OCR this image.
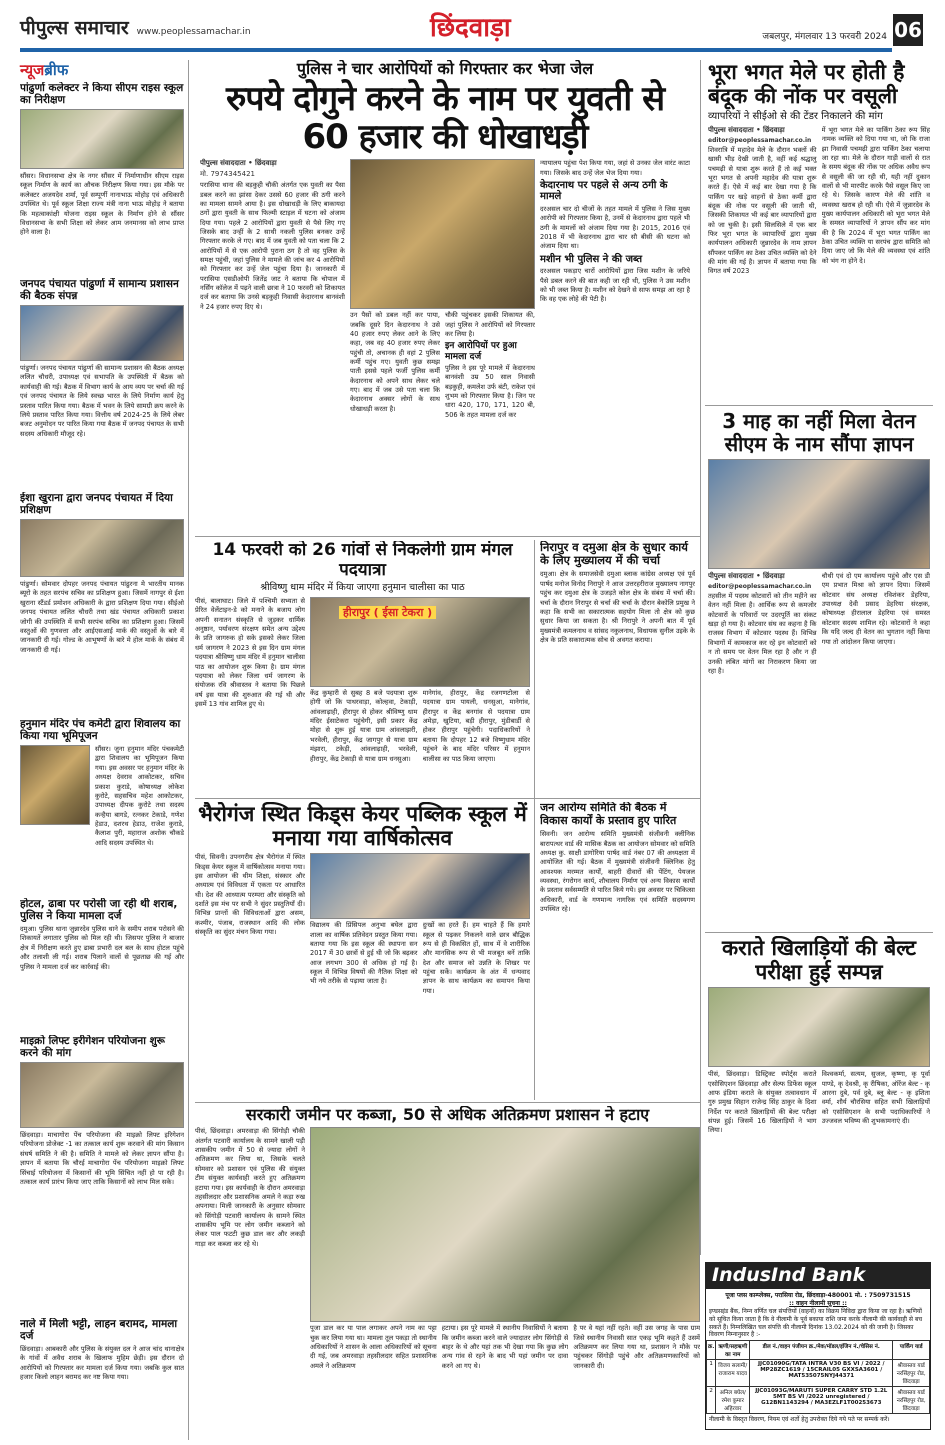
पीपुल्स समाचार www.peoplessamachar.in	छिंदवाड़ा	जबलपुर, मंगलवार 13 फरवरी 2024 06
न्यूजब्रीफ
पांढुर्णा कलेक्टर ने किया सीएम राइस स्कूल का निरीक्षण
सौंसर। विधानसभा क्षेत्र के नगर सौंसर में निर्माणाधीन सीएम राइस स्कूल निर्माण के कार्य का औचक निरीक्षण किया गया। इस मौके पर कलेक्टर अजयदेव शर्मा, पूर्व सम्पूर्णी नानाभाऊ मोहोड़ एवं अधिकारी उपस्थित थे। पूर्व स्कूल शिक्षा राज्य मंत्री नाना भाऊ मोहोड़ ने बताया कि महत्वाकांक्षी योजना राइस स्कूल के निर्माण होने से सौंसर विधानसभा के सभी शिक्षा को लेकर आम जनमानस को लाभ प्राप्त होने वाला है।
जनपद पंचायत पांढुर्णा में सामान्य प्रशासन की बैठक संपन्न
पांढुर्णा। जनपद पंचायत पांढुर्णा की सामान्य प्रशासन की बैठक अध्यक्ष ललित चौधरी, उपाध्यक्ष एवं सभापति के उपस्थिती में बैठक को कार्यवाही की गई। बैठक में विभाग कार्य के आय व्यय पर चर्चा की गई एवं जनपद पंचायत के लिये स्वच्छ भारत के लिये निर्माण कार्य हेतु प्रस्ताव पारित किया गया। बैठक में भवन के लिये सामग्री क्रय करने के लिये प्रस्ताव पारित किया गया। वित्तीय वर्ष 2024-25 के लिये लेबर बजट अनुमोदन पर पारित किया गया बैठक में जनपद पंचायत के सभी सदस्य अधिकारी मौजूद रहे।
ईशा खुराना द्वारा जनपद पंचायत में दिया प्रशिक्षण
पांढुर्णा। सोमवार दोपहर जनपद पंचायत पांढुरना मे भारतीय मानक ब्यूरो के तहत सरपंच सचिव का प्रशिक्षण हुआ। जिसमें नागपुर से ईशा खुराना स्टैंडर्ड प्रमोशन अधिकारी के द्वारा प्रशिक्षण दिया गया। सीईओ जनपद पंचायत ललित चौधरी तथा खंड पंचायत अधिकारी प्रकाश जोगी की उपस्थिति में सभी सरपंच सचिव का प्रशिक्षण हुआ। जिसमें वस्तुओं की गुणवत्ता और आईएसआई मार्क की वस्तुओं के बारे में जानकारी दी गई। गोल्ड के आभूषणों के बारे मे होल मार्क के संबंध में जानकारी दी गई।
हनुमान मंदिर पंच कमेटी द्वारा शिवालय का किया गया भूमिपूजन
सौंसर। जुना हनुमान मंदिर पंचकमेटी द्वारा शिवालय का भूमिपूजन किया गया। इस अवसर पर हनुमान मंदिर के अध्यक्ष देवराव आकोटकर, सचिव प्रकाश कुराडे, कोषाध्यक्ष लोकेश कुरोटे, सहसचिव महेश आकोटकर, उपाध्यक्ष दीपक कुरोटे तथा सदस्य कन्हैया बागडे, रत्नकर टेकाडे, गणेश हेडाउ, दशरथ हेडाउ, राजेश कुराडे, कैलाश पुरी, महाराज अशोक चौकडे आदि सदस्य उपस्थित थे।
होटल, ढाबा पर परोसी जा रही थी शराब, पुलिस ने किया मामला दर्ज
दमुआ। पुलिस थाना जुन्नारदेव पुलिस थाने के समीप शराब परोसने की शिकायतें लगातार पुलिस को मिल रही थी। जिसपर पुलिस ने बाजार क्षेत्र में निरीक्षण करते हुए ढाबा प्रभारी दल बल के साथ होटल पहुंचे और तलाशी ली गई। शराब पिलाने वालों से पूछताछ की गई और पुलिस ने मामला दर्ज कर कार्रवाई की।
माइक्रो लिफ्ट इरीगेशन परियोजना शुरू करने की मांग
छिंदवाड़ा। माचागोरा पेंच परियोजना की माइक्रो लिफ्ट इरिगेशन परियोजना प्रोजेक्ट -1 का तत्काल कार्य शुरू करवाने की मांग किसान संघर्ष समिति ने की है। समिति ने मामले को लेकर ज्ञापन सौंपा है। ज्ञापन में बताया कि चौरई माचागोरा पेंच परियोजना माइक्रो लिफ्ट सिंचाई परियोजना में किसानों की भूमि सिंचित नहीं हो पा रही है। तत्काल कार्य प्रारंभ किया जाए ताकि किसानों को लाभ मिल सके।
नाले में मिली भट्टी, लाहन बरामद, मामला दर्ज
छिंदवाड़ा। आबकारी और पुलिस के संयुक्त दल ने आज चांद थानाक्षेत्र के गांवों में अवैध शराब के खिलाफ मुहिम छेड़ी। इस दौरान दो आरोपियों को गिरफ्तार कर मामला दर्ज किया गया। जबकि कुल सात हजार किलो लाहन बरामद कर नष्ट किया गया।
पुलिस ने चार आरोपियों को गिरफ्तार कर भेजा जेल
रुपये दोगुने करने के नाम पर युवती से 60 हजार की धोखाधड़ी
पीपुल्स संवाददाता • छिंदवाड़ा
मो. 7974345421
परासिया थाना की बड़कुही चौकी अंतर्गत एक युवती का पैसा डबल करने का झांसा देकर उससे 60 हजार की ठगी करने का मामला सामने आया है। इस धोखाधड़ी के लिए बाकायदा ठगों द्वारा युवती के साथ फिल्मी स्टाइल में घटना को अंजाम दिया गया। पहले 2 आरोपियों द्वारा युवती से पैसे लिए गए जिसके बाद उन्हीं के 2 साथी नकली पुलिस बनकर उन्हें गिरफ्तार करके ले गए। बाद में जब युवती को पता चला कि 2 आरोपियों में से एक आरोपी पुराना ठग है तो वह पुलिस के समक्ष पहुंची, जहां पुलिस ने मामले की जांच कर 4 आरोपियों को गिरफ्तार कर उन्हें जेल पहुंचा दिया है। जानकारी में परासिया एसडीओपी जितेंद्र जाट ने बताया कि चोपाल में नर्सिंग कॉलेज में पढ़ने वाली छात्रा ने 10 फरवरी को शिकायत दर्ज कर बताया कि उनसे बड़कुही निवासी केदारनाथ बानवंशी ने 24 हजार रुपए दिए थे।
उन पैसों को डबल नहीं कर पाया, जबकि दूसरे दिन केदारनाथ ने उसे 40 हजार रुपए लेकर आने के लिए कहा, जब वह 40 हजार रुपए लेकर पहुंची तो, अचानक ही वहां 2 पुलिस कर्मी पहुंच गए। युवती कुछ समझ पाती इससे पहले फर्जी पुलिस कर्मी केदारनाथ को अपने साथ लेकर चले गए। बाद में जब उसे पता चला कि केदारनाथ अक्सर लोगों के साथ धोखाधड़ी करता है।
चौकी पहुंचकर इसकी शिकायत की, जहां पुलिस ने आरोपियों को गिरफ्तार कर लिया है।
इन आरोपियों पर हुआ मामला दर्ज
पुलिस ने इस पूरे मामले में केदारनाथ बानवंशी उम्र 50 साल निवासी बड़कुही, कमलेश उर्फ बंटी, राकेश एवं शुभम को गिरफ्तार किया है। जिन पर धारा 420, 170, 171, 120 बी, 506 के तहत मामला दर्ज कर
न्यायालय पहुंचा पेश किया गया, जहां से उनका जेल वारंट काटा गया। जिसके बाद उन्हें जेल भेज दिया गया।
केदारनाथ पर पहले से अन्य ठगी के मामले
दरअसल चार दो चीजों के तहत मामले में पुलिस ने जिस मुख्य आरोपी को गिरफ्तार किया है, उनमें से केदारनाथ द्वारा पहले भी ठगी के मामलों को अंजाम दिया गया है। 2015, 2016 एवं 2018 में भी केदारनाथ द्वारा चार सौ बीसी की घटना को अंजाम दिया था।
मशीन भी पुलिस ने की जब्त
दरअसल पकड़ाए चारों आरोपियों द्वारा जिस मशीन के जरिये पैसे डबल करने की बात कही जा रही थी, पुलिस ने उस मशीन को भी जब्त किया है। मशीन को देखने से साफ समझ आ रहा है कि वह एक लोहे की पेटी है।
भूरा भगत मेले पर होती है बंदूक की नोंक पर वसूली
व्यापरियों ने सीईओ से की टेंडर निकालने की मांग
पीपुल्स संवाददाता • छिंदवाड़ा
editor@peoplessamachar.co.in
शिवरात्रि में महादेव मेले के दौरान भक्तों की खासी भीड़ देखी जाती है, वहीं कई श्रद्धालु पचमढ़ी से यात्रा शुरू करते हैं तो कई भक्त भूरा भगत से अपनी महादेव की यात्रा शुरू करते हैं। ऐसे में कई बार देखा गया है कि पार्किंग पर खड़े वाहनों से ठेका कर्मी द्वारा बंदूक की नोक पर वसूली की जाती थी, जिसकी शिकायत भी कई बार व्यापारियों द्वारा को जा चुकी है। इसी सिलसिले में एक बार फिर भूरा भगत के व्यापारियों द्वारा मुख्य कार्यपालन अधिकारी जुन्नारदेव के नाम ज्ञापन सौंपकर पार्किंग का ठेका उचित व्यक्ति को देने की मांग की गई है। ज्ञापन में बताया गया कि विगत वर्ष 2023
में भूरा भगत मेले का पार्किंग ठेका रूप सिंह नामक व्यक्ति को दिया गया था, जो कि राजा झा निवासी पचमढ़ी द्वारा पार्किंग ठेका चलाया जा रहा था। मेले के दौरान गाड़ी वालों से रात के समय बंदूक की नोंक पर अधिक अवैध रूप से वसूली की जा रही थी, यही नहीं दुकान वालों से भी मारपीट करके पैसे वसूल किए जा रहे थे। जिसके कारण मेले की शांति व व्यवस्था खराब हो रही थी। ऐसे में जुन्नारदेव के मुख्य कार्यपालन अधिकारी को भूरा भगत मेले के समस्त व्यापारियों ने ज्ञापन सौंप कर मांग की है कि 2024 में भूरा भगत पार्किंग का ठेका उचित व्यक्ति या सरपंच द्वारा समिति को दिया जाए जो कि मेले की व्यवस्था एवं शांति को भंग ना होने दे।
3 माह का नहीं मिला वेतन सीएम के नाम सौंपा ज्ञापन
पीपुल्स संवाददाता • छिंदवाड़ा
editor@peoplessamachar.co.in
तहसील में पदस्थ कोटवारों को तीन महीने का वेतन नहीं मिला है। आर्थिक रूप से कमजोर कोटवारों के परिवारों पर उदरपूर्ति का संकट खड़ा हो गया है। कोटवार संघ का कहना है कि राजस्व विभाग में कोटवार पदस्थ हैं। विभिन्न विभागों में कामकाज कर रहे इन कोटवारों को न तो समय पर वेतन मिल रहा है और न ही उनकी लंबित मांगों का निराकरण किया जा रहा है।
चौथी एवं दो एम कार्यालय पहुंचे और एस डी एम प्रभात मिश्रा को ज्ञापन दिया। जिसमें कोटवार संघ अध्यक्ष रविशंकर डेहरिया, उपाध्यक्ष देवी प्रसाद डेहरिया संरक्षक, कोषाध्यक्ष हीरालाल डेहरिया एवं समस्त कोटवार सदस्य शामिल रहे। कोटवारों ने कहा कि यदि जल्द ही वेतन का भुगतान नहीं किया गया तो आंदोलन किया जाएगा।
कराते खिलाड़ियों की बेल्ट परीक्षा हुई सम्पन्न
पीसं, छिंदवाड़ा। डिस्ट्रिक्ट स्पोर्ट्स कराते एसोसिएशन छिंदवाड़ा और सेल्फ डिफेंस स्कूल आफ इंडिया कराते के संयुक्त तत्वावधान में गुरु प्रमुख सिहान राजेन्द्र सिंह ठाकुर के दिशा निर्देश पर कराते खिलाड़ियों की बेल्ट परीक्षा संपन्न हुई। जिसमें 16 खिलाड़ियों ने भाग लिया।
विश्वकर्मा, सत्यम, सुजल, कृष्णा, कृ पूर्वा पाण्डे, कृ देवश्री, कृ रीषिका, ऑरेंज बेल्ट - कृ आरना दुबे, पर्व दुबे, ब्लू बेल्ट - कृ इशिता वर्मा, शौर्य चौरसिया सहित सभी खिलाड़ियों को एसोसिएशन के सभी पदाधिकारियों ने उज्जवल भविष्य की शुभकामनाएं दी।
IndusInd Bank
पूजा प्लस काम्प्लेक्स, परासिया रोड, छिंदवाड़ा-480001 मो. : 7509731515
:: वाहन नीलामी सूचना ::
इण्डसइंड बैंक, निम्न वर्णित चल संपत्तियों (वाहनों) का विक्रय निविदा द्वारा किया जा रहा है। ऋणियों को सूचित किया जाता है कि वे नीलामी के पूर्व बकाया राशि जमा करके नीलामी की कार्यवाही से बच सकते हैं। निम्नलिखित चल संपत्ति की नीलामी दिनांक 13.02.2024 को की जानी है। जिसका विवरण निम्नानुसार है :-
क्र.	ऋणी/सहऋणी का नाम	डील नं./वाहन पंजीयन क्र./मेक/मॉडल/इंजिन नं./चेसिस नं.	पार्किंग यार्ड
1	विजय सलामी/ राजाराम यादव	JJC01090G/TATA INTRA V30 BS VI / 2022 / MP28ZC1619 / 15CRAIL05 GXXSA3601 / MAT535075NYJ44371	श्रीवास्तव यार्ड नरसिंहपुर रोड, छिंदवाड़ा
2	अनिल बघेल/ रमेश कुमार अहिरवार	JJC01093G/MARUTI SUPER CARRY STD 1.2L 5MT BS VI /2022 unregistered / G12BN1143294 / MA3EZLF1T00253673	श्रीवास्तव यार्ड नरसिंहपुर रोड, छिंदवाड़ा
नीलामी के विस्तृत विवरण, नियम एवं शर्तो हेतु उपरोक्त दिये गये पते पर सम्पर्क करें।
14 फरवरी को 26 गांवों से निकलेगी ग्राम मंगल पदयात्रा
श्रीविष्णु धाम मंदिर में किया जाएगा हनुमान चालीसा का पाठ
पीसं, बालाघाट। जिले में पश्चिमी सभ्यता से प्रेरित वेलेंटाइन-डे को मनाने के बजाय लोग अपनी सनातन संस्कृति से जुड़कर धार्मिक अनुष्ठान, पर्यावरण संरक्षण समेत अन्य उद्देश्य के प्रति जागरुक हो सके इसको लेकर जिला धर्म जागरण ने 2023 से इस दिन ग्राम मंगल पदयात्रा श्रीविष्णु धाम मंदिर में हनुमान चालीसा पाठ का आयोजन शुरू किया है। ग्राम मंगल पदयात्रा को लेकर जिला धर्म जागरण के संयोजक रवि श्रीवास्तव ने बताया कि पिछले वर्ष इस यात्रा की शुरुआत की गई थी और इसमें 13 गांव शामिल हुए थे।
हीरापुर ( ईसा टेकरा )
केंद्र कुम्हारी से सुबह 8 बजे पदयात्रा शुरू होगी जो कि पाथरवाड़ा, कोल्हवा, टेकाड़ी, आंवलाढ़ाही, हीरापुर से होकर श्रीविष्णु धाम मंदिर ईसाटेकरा पहुंचेगी, इसी प्रकार केंद्र मोहा से शुरू हुई यात्रा ग्राम आंवलाझरी, भरवेली, हीरापुर, केंद्र जागपुर से यात्रा ग्राम मंझारा, टकेड़ी, आंवलाढ़ाही, भरवेली, हीरापुर, केंद्र टेकाड़ी से यात्रा ग्राम धनसुआ।
मानेगांव, हीरापुर, केंद्र रजगणटोला से पदयात्रा ग्राम पायली, धनसुआ, मानेगांव, हीरापुर व केंद्र बनगांव से पदयात्रा ग्राम अमेड़ा, खुटिया, बड़ी हीरापुर, मुंडीबार्डी से होकर हीरापुर पहुंचेगी। पदाधिकारियों ने बताया कि दोपहर 12 बजे विष्णुधाम मंदिर पहुंचने के बाद मंदिर परिसर में हनुमान चालीसा का पाठ किया जाएगा।
निरापुर व दमुआ क्षेत्र के सुधार कार्य के लिए मुख्यालय में की चर्चा
दमुआ। क्षेत्र के समाजसेवी दमुआ ब्लाक कांग्रेस अध्यक्ष एवं पूर्व पार्षद मनोज विनोद निरापुरे ने आज उत्तरहरीराज मुख्यालय नागपुर पहुंच कर दमुआ क्षेत्र के उजड़ते कोल क्षेत्र के संबंध में चर्चा की। चर्चा के दौरान निरापुर से चर्चा की चर्चा के दौरान बेकोलि प्रमुख ने कहा कि सभी का सकारात्मक सहयोग मिला तो क्षेत्र को कुछ सुधार किया जा सकता है। श्री निरापुरे ने अपनी बात में पूर्व मुख्यमंत्री कमलनाथ व सांसद नकुलनाथ, विधायक सुनील उइके के क्षेत्र के प्रति सकारात्मक सोच से अवगत कराया।
भैरोगंज स्थित किड्स केयर पब्लिक स्कूल में मनाया गया वार्षिकोत्सव
पीसं, सिवनी। उपनगरीय क्षेत्र भैरोगंज में स्थित किड्स केयर स्कूल में वार्षिकोत्सव मनाया गया। इस आयोजन की थीम शिक्षा, संस्कार और अध्यात्म एवं विविधता में एकता पर आधारित थी। देश की आध्यात्म परम्परा और संस्कृति को दर्शाते इस मंच पर सभी ने सुंदर प्रस्तुतियाँ दी। विभिन्न प्रान्तों की विविधताओं द्वारा असम, कश्मीर, पंजाब, राजस्थान आदि की लोक संस्कृति का सुंदर मंचन किया गया।
विद्यालय की प्रिंसिपल अनुभा बघेल द्वारा शाला का वार्षिक प्रतिवेदन प्रस्तुत किया गया। बताया गया कि इस स्कूल की स्थापना सन 2017 में 30 छात्रों से हुई थी जो कि बढ़कर आज लगभग 300 से अधिक हो गई है। स्कूल में विभिन्न विषयों की नैतिक शिक्षा को भी नये तरीके से पढ़ाया जाता है।
दुःखों का हरते हैं। हम चाहते हैं कि हमारे स्कूल से पढ़कर निकलने वाले छात्र बौद्धिक रूप से ही विकसित हों, साथ में वे शारीरिक और मानसिक रूप से भी मजबूत बनें ताकि देश और समाज को उन्नति के शिखर पर पहुंचा सकें। कार्यक्रम के अंत में धन्यवाद ज्ञापन के साथ कार्यक्रम का समापन किया गया।
जन आरोग्य समिति की बैठक में विकास कार्यों के प्रस्ताव हुए पारित
सिवनी। जन आरोग्य समिति मुख्यमंत्री संजीवनी क्लीनिक बारापत्थर वार्ड की मासिक बैठक का आयोजन सोमवार को समिति अध्यक्ष कु. साक्षी डागोरिया पार्षद वार्ड नंबर 07 की अध्यक्षता में आयोजित की गई। बैठक में मुख्यमंत्री संजीवनी क्लिनिक हेतु आवश्यक मरम्मत कार्यों, बाहरी दीवारों की पेंटिंग, पेयजल व्यवस्था, रंगरोगन कार्य, शौचालय निर्माण एवं अन्य विकास कार्यों के प्रस्ताव सर्वसम्मति से पारित किये गये। इस अवसर पर चिकित्सा अधिकारी, वार्ड के गणमान्य नागरिक एवं समिति सदस्यगण उपस्थित रहे।
सरकारी जमीन पर कब्जा, 50 से अधिक अतिक्रमण प्रशासन ने हटाए
पीसं, छिंदवाड़ा। अमरवाड़ा की सिंगोड़ी चौकी अंतर्गत पटवारी कार्यालय के सामने खाली पड़ी शासकीय जमीन में 50 से ज्यादा लोगों ने अतिक्रमण कर लिया था, जिसके चलते सोमवार को प्रशासन एवं पुलिस की संयुक्त टीम संयुक्त कार्यवाही करते हुए अतिक्रमण हटाया गया। इस कार्यवाही के दौरान अमरवाड़ा तहसीलदार और प्रशासनिक अमले ने कड़ा रुख अपनाया। मिली जानकारी के अनुसार सोमवार को सिंगोड़ी पटवारी कार्यालय के सामने स्थित शासकीय भूमि पर लोग जमीन कब्जाने को लेकर पाल फटटी कुछ डाल कर और लकड़ी गाड़ा कर कब्जा कर रहे थे।
पूजा डाल कर या पाल लगाकर अपने नाम का पट्टा चुक कर लिया गया था। मामला तूल पकड़ा तो स्थानीय अधिकारियों ने शासन के आला अधिकारियों को सूचना दी गई, जब अमरवाड़ा तहसीलदार सहित प्रशासनिक अमले ने अतिक्रमण
हटाया। इस पूरे मामले में स्थानीय निवासियों ने बताया कि जमीन कब्जा करने वाले ज्यादातर लोग सिंगोड़ी से बाहर के थे और यहां तक भी देखा गया कि कुछ लोग अन्य गांव से रहने के बाद भी यहां जमीन पर दावा करने आ गए थे।
है पर वे यहां नहीं रहते। वहीं उस जगह के पास ग्राम जिसे स्थानीय निवासी सात एकड़ भूमि कहते हैं उसमें अतिक्रमण कर लिया गया था, प्रशासन ने मौके पर पहुंचकर सिंगोड़ी पहुंचे और अतिक्रमणकारियों को जानकारी दी।
